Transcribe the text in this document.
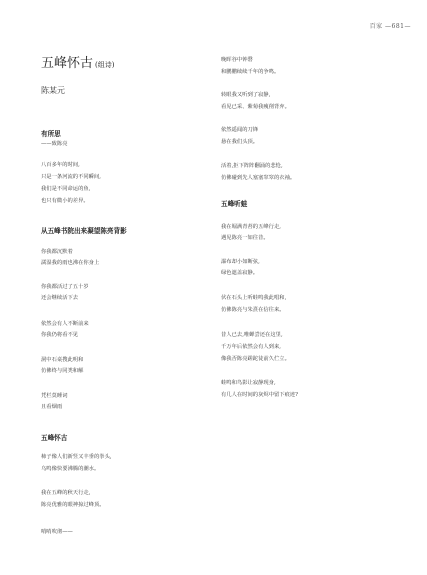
百家 —681—
五峰怀古 (组诗)
陈某元
有所思
——致陈亮
八百多年的时间,
只是一条河流的不同瞬间,
我们是不同命运的鱼,
也只有微小的差异。
从五峰书院出来凝望陈亮背影
你我都沉默着
濡湿我的雨也沸在你身上
你我都活过了五十岁
还会继续活下去
依然会有人不断前来
你我仍将看不见
洞中石桌搜此明和
仿佛终与同类和解
凭栏莫睡词
且看烟雨
五峰怀古
柿子像人们新竖又丰垂的拳头,
乌鸣像快要沸腾的潮水。
我在五峰的秋天行走,
陈亮优雅的眼神掠过峰顶。
哨哨吹彻——
晚晖谷中钟磬
和鹏鹏续续千年的争鸣。
转眼我又听到了寂静,
看见已采、紫菊我瘦削背弃。
依然遥闻的刀锋
悬在我们头顶。
活着,拒下阵阵翻涌的悲怆,
仿佛碰到先人塞塞窣窣的衣袖。
五峰听蛙
我在堀满青苔的五峰行走,
遇见陈亮一如往昔。
瀑布却小如断弦,
绿色遮盖寂静。
伏在石头上听蛙鸣我此唱和,
仿佛陈亮与朱熹在信往来。
昔人已去,唯蝉尝还在这里,
千万年后依然会有人到来,
像我否陈亮蹉跎徒前久伫立。
蛙鸣和鸟影让寂静现身,
有几人在时间的灰烬中留下痕迹?
